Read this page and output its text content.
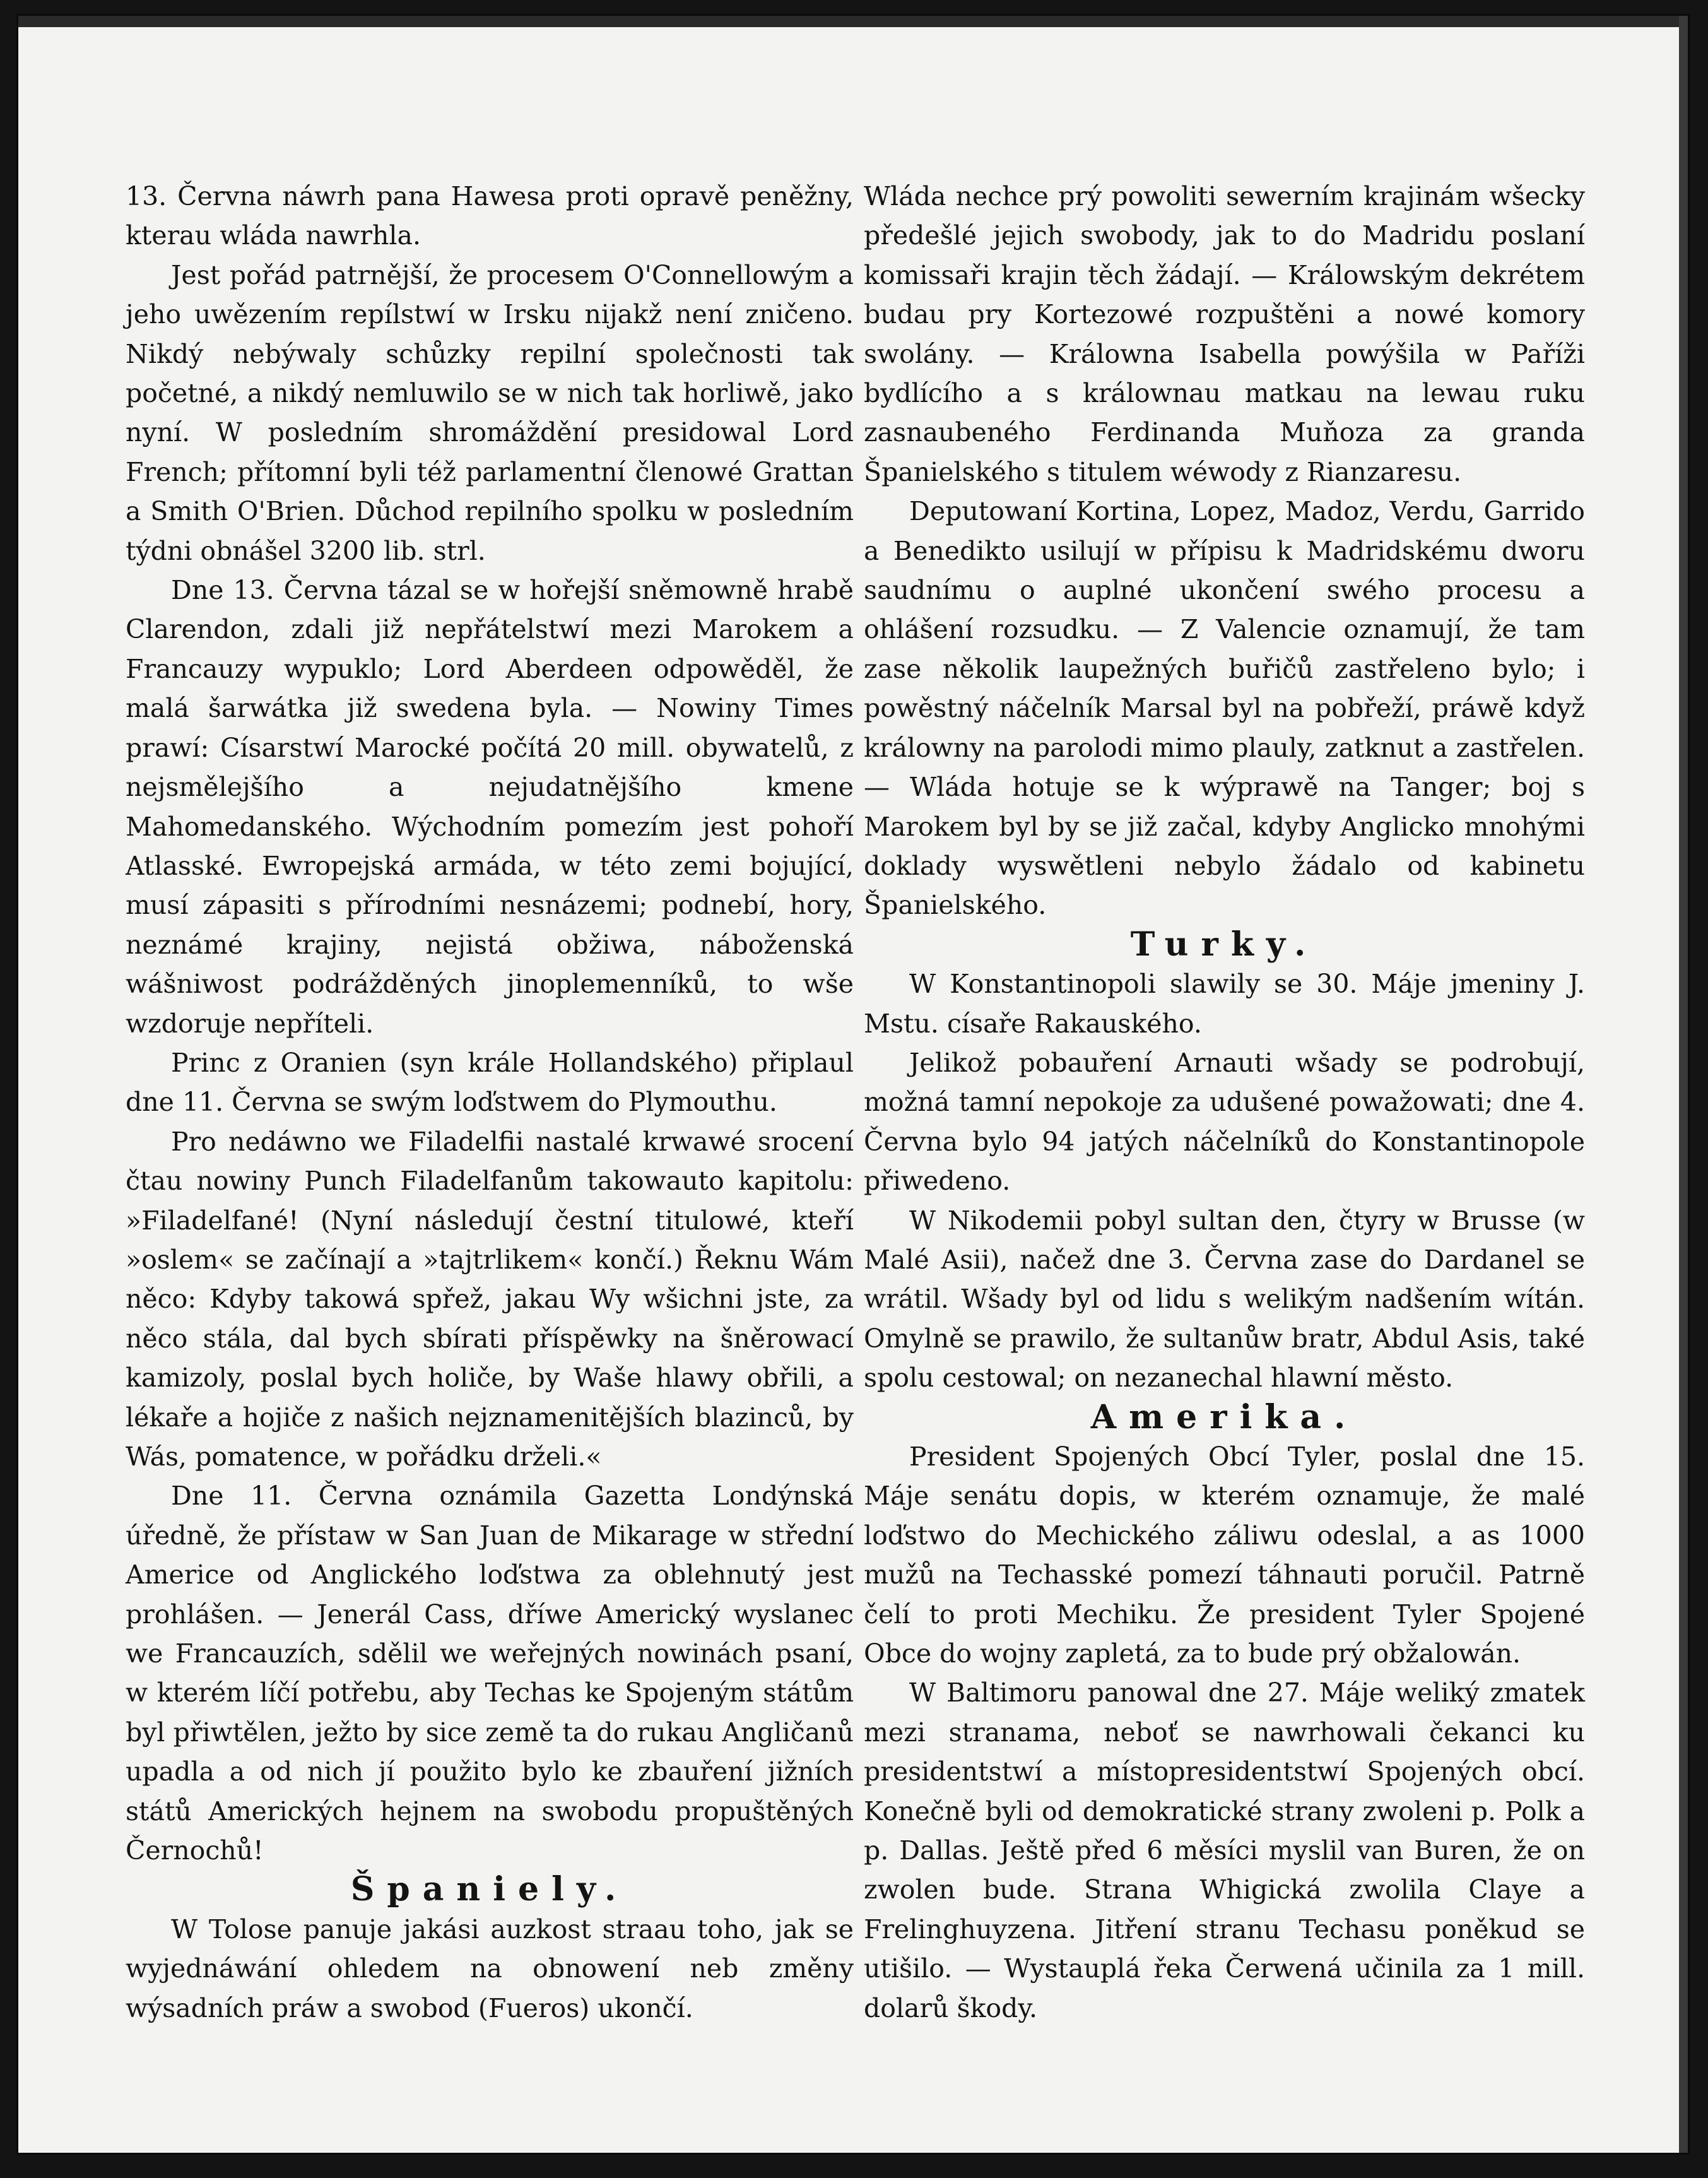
13. Června náwrh pana Hawesa proti opravě peněžny, kterau wláda nawrhla.

Jest pořád patrnější, že procesem O'Connellowým a jeho uwězením repílstwí w Irsku nijakž není zničeno. Nikdý nebýwaly schůzky repilní společnosti tak početné, a nikdý nemluwilo se w nich tak horliwě, jako nyní. W posledním shromáždění presidowal Lord French; přítomní byli též parlamentní členowé Grattan a Smith O'Brien. Důchod repilního spolku w posledním týdni obnášel 3200 lib. strl.

Dne 13. Června tázal se w hořejší sněmowně hrabě Clarendon, zdali již nepřátelstwí mezi Marokem a Francauzy wypuklo; Lord Aberdeen odpowěděl, že malá šarwátka již swedena byla. — Nowiny Times prawí: Císarstwí Marocké počítá 20 mill. obywatelů, z nejsmělejšího a nejudatnějšího kmene Mahomedanského. Wýchodním pomezím jest pohoří Atlasské. Ewropejská armáda, w této zemi bojující, musí zápasiti s přírodními nesnázemi; podnebí, hory, neznámé krajiny, nejistá obžiwa, náboženská wášniwost podrážděných jinoplemenníků, to wše wzdoruje nepříteli.

Princ z Oranien (syn krále Hollandského) připlaul dne 11. Června se swým loďstwem do Plymouthu.

Pro nedáwno we Filadelfii nastalé krwawé srocení čtau nowiny Punch Filadelfanům takowauto kapitolu: »Filadelfané! (Nyní následují čestní titulowé, kteří »oslem« se začínají a »tajtrlikem« končí.) Řeknu Wám něco: Kdyby takowá spřež, jakau Wy wšichni jste, za něco stála, dal bych sbírati příspěwky na šněrowací kamizoly, poslal bych holiče, by Waše hlawy obřili, a lékaře a hojiče z našich nejznamenitějších blazinců, by Wás, pomatence, w pořádku drželi.«

Dne 11. Června oznámila Gazetta Londýnská úředně, že přístaw w San Juan de Mikarage w střední Americe od Anglického loďstwa za oblehnutý jest prohlášen. — Jenerál Cass, dříwe Americký wyslanec we Francauzích, sdělil we weřejných nowinách psaní, w kterém líčí potřebu, aby Techas ke Spojeným státům byl přiwtělen, ježto by sice země ta do rukau Angličanů upadla a od nich jí použito bylo ke zbauření jižních států Amerických hejnem na swobodu propuštěných Černochů!

Španiely.

W Tolose panuje jakási auzkost straau toho, jak se wyjednáwání ohledem na obnowení neb změny wýsadních práw a swobod (Fueros) ukončí.

Wláda nechce prý powoliti sewerním krajinám wšecky předešlé jejich swobody, jak to do Madridu poslaní komissaři krajin těch žádají. — Králowským dekrétem budau pry Kortezowé rozpuštěni a nowé komory swolány. — Králowna Isabella powýšila w Paříži bydlícího a s králownau matkau na lewau ruku zasnaubeného Ferdinanda Muňoza za granda Španielského s titulem wéwody z Rianzaresu.

Deputowaní Kortina, Lopez, Madoz, Verdu, Garrido a Benedikto usilují w přípisu k Madridskému dworu saudnímu o auplné ukončení swého procesu a ohlášení rozsudku. — Z Valencie oznamují, že tam zase několik laupežných buřičů zastřeleno bylo; i powěstný náčelník Marsal byl na pobřeží, práwě když králowny na parolodi mimo plauly, zatknut a zastřelen. — Wláda hotuje se k wýprawě na Tanger; boj s Marokem byl by se již začal, kdyby Anglicko mnohými doklady wyswětleni nebylo žádalo od kabinetu Španielského.

Turky.

W Konstantinopoli slawily se 30. Máje jmeniny J. Mstu. císaře Rakauského.

Jelikož pobauření Arnauti wšady se podrobují, možná tamní nepokoje za udušené powažowati; dne 4. Června bylo 94 jatých náčelníků do Konstantinopole přiwedeno.

W Nikodemii pobyl sultan den, čtyry w Brusse (w Malé Asii), načež dne 3. Června zase do Dardanel se wrátil. Wšady byl od lidu s welikým nadšením wítán. Omylně se prawilo, že sultanůw bratr, Abdul Asis, také spolu cestowal; on nezanechal hlawní město.

Amerika.

President Spojených Obcí Tyler, poslal dne 15. Máje senátu dopis, w kterém oznamuje, že malé loďstwo do Mechického záliwu odeslal, a as 1000 mužů na Techasské pomezí táhnauti poručil. Patrně čelí to proti Mechiku. Že president Tyler Spojené Obce do wojny zapletá, za to bude prý obžalowán.

W Baltimoru panowal dne 27. Máje weliký zmatek mezi stranama, neboť se nawrhowali čekanci ku presidentstwí a místopresidentstwí Spojených obcí. Konečně byli od demokratické strany zwoleni p. Polk a p. Dallas. Ještě před 6 měsíci myslil van Buren, že on zwolen bude. Strana Whigická zwolila Claye a Frelinghuyzena. Jitření stranu Techasu poněkud se utišilo. — Wystauplá řeka Čerwená učinila za 1 mill. dolarů škody.
